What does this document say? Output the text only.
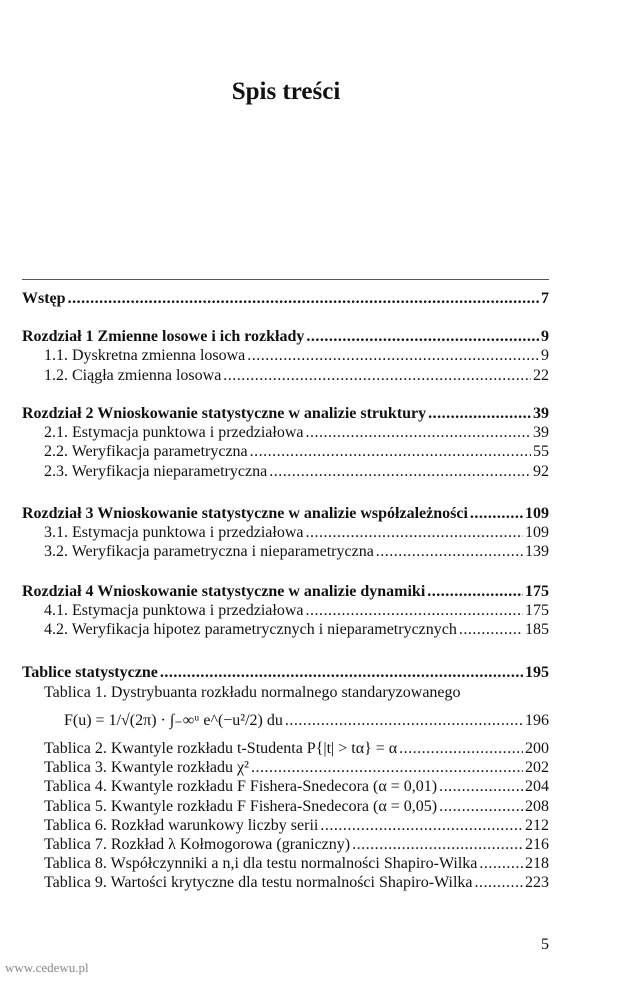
Spis treści
Wstęp .....	7
Rozdział 1 Zmienne losowe i ich rozkłady .....	9
1.1. Dyskretna zmienna losowa .....	9
1.2. Ciągła zmienna losowa .....	22
Rozdział 2 Wnioskowanie statystyczne w analizie struktury .....	39
2.1. Estymacja punktowa i przedziałowa .....	39
2.2. Weryfikacja parametryczna .....	55
2.3. Weryfikacja nieparametryczna .....	92
Rozdział 3 Wnioskowanie statystyczne w analizie współzależności .....	109
3.1. Estymacja punktowa i przedziałowa .....	109
3.2. Weryfikacja parametryczna i nieparametryczna .....	139
Rozdział 4 Wnioskowanie statystyczne w analizie dynamiki .....	175
4.1. Estymacja punktowa i przedziałowa .....	175
4.2. Weryfikacja hipotez parametrycznych i nieparametrycznych .....	185
Tablice statystyczne .....	195
Tablica 1. Dystrybuanta rozkładu normalnego standaryzowanego
F(u) = 1/√(2π) · ∫₋∞ᵘ e^(−u²/2) du .....	196
Tablica 2. Kwantyle rozkładu t-Studenta P{|t| > tα} = α .....	200
Tablica 3. Kwantyle rozkładu χ² .....	202
Tablica 4. Kwantyle rozkładu F Fishera-Snedecora (α = 0,01) .....	204
Tablica 5. Kwantyle rozkładu F Fishera-Snedecora (α = 0,05) .....	208
Tablica 6. Rozkład warunkowy liczby serii .....	212
Tablica 7. Rozkład λ Kołmogorowa (graniczny) .....	216
Tablica 8. Współczynniki a n,i dla testu normalności Shapiro-Wilka .....	218
Tablica 9. Wartości krytyczne dla testu normalności Shapiro-Wilka .....	223
5
www.cedewu.pl
